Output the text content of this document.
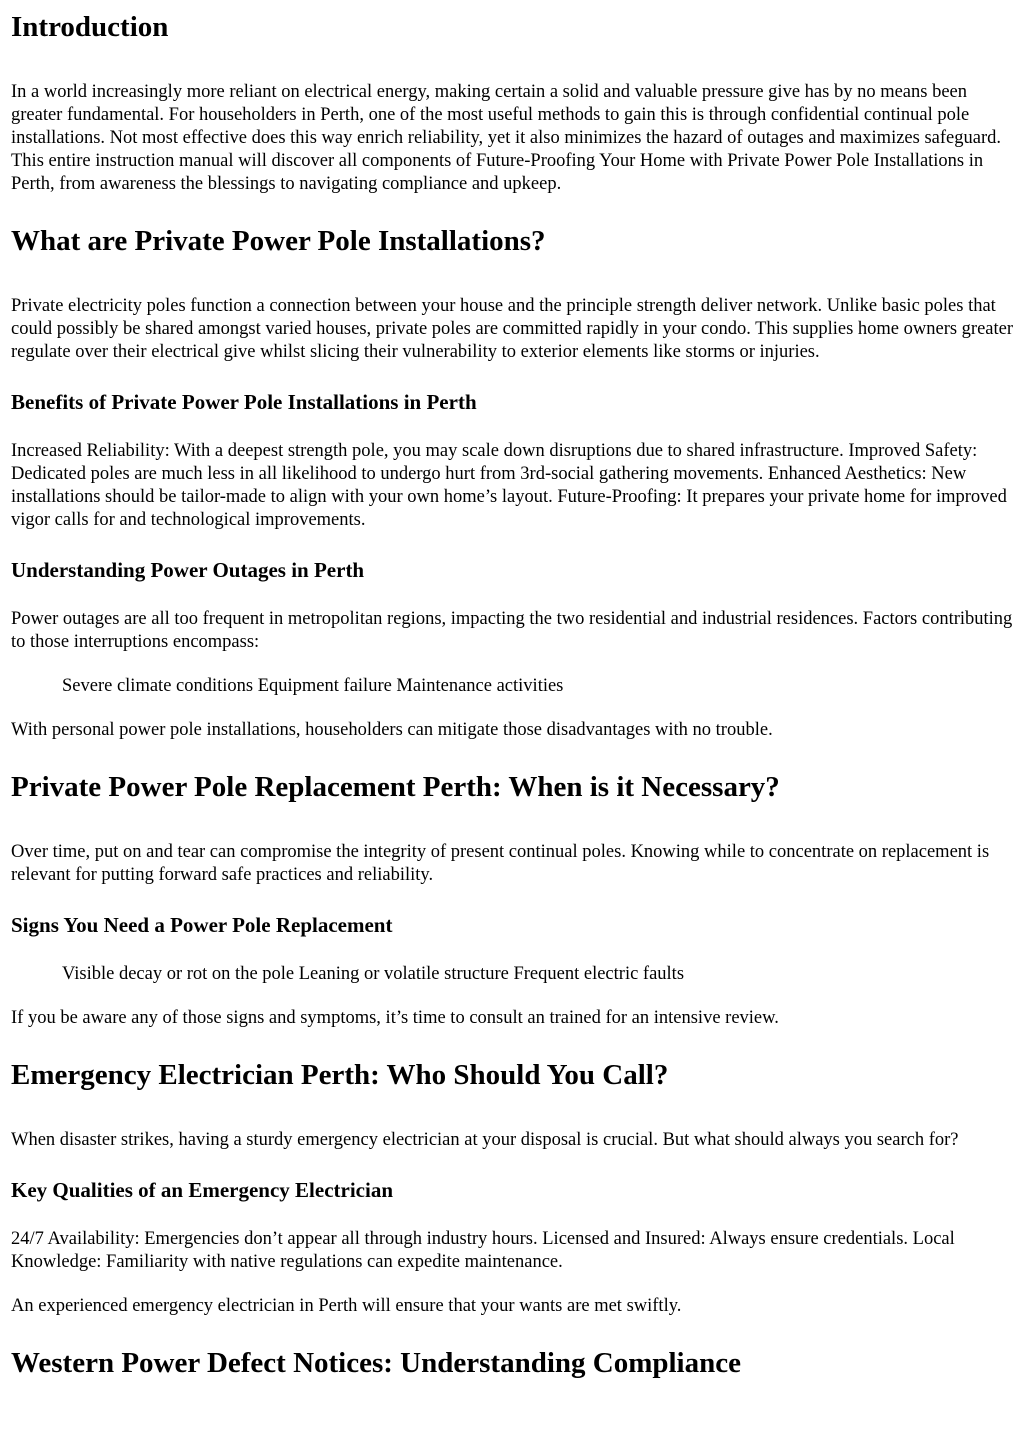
Introduction

In a world increasingly more reliant on electrical energy, making certain a solid and valuable pressure give has by no means been greater fundamental. For householders in Perth, one of the most useful methods to gain this is through confidential continual pole installations. Not most effective does this way enrich reliability, yet it also minimizes the hazard of outages and maximizes safeguard. This entire instruction manual will discover all components of Future-Proofing Your Home with Private Power Pole Installations in Perth, from awareness the blessings to navigating compliance and upkeep.

What are Private Power Pole Installations?

Private electricity poles function a connection between your house and the principle strength deliver network. Unlike basic poles that could possibly be shared amongst varied houses, private poles are committed rapidly in your condo. This supplies home owners greater regulate over their electrical give whilst slicing their vulnerability to exterior elements like storms or injuries.

Benefits of Private Power Pole Installations in Perth

Increased Reliability: With a deepest strength pole, you may scale down disruptions due to shared infrastructure. Improved Safety: Dedicated poles are much less in all likelihood to undergo hurt from 3rd-social gathering movements. Enhanced Aesthetics: New installations should be tailor-made to align with your own home’s layout. Future-Proofing: It prepares your private home for improved vigor calls for and technological improvements.

Understanding Power Outages in Perth

Power outages are all too frequent in metropolitan regions, impacting the two residential and industrial residences. Factors contributing to those interruptions encompass:

Severe climate conditions Equipment failure Maintenance activities

With personal power pole installations, householders can mitigate those disadvantages with no trouble.

Private Power Pole Replacement Perth: When is it Necessary?

Over time, put on and tear can compromise the integrity of present continual poles. Knowing while to concentrate on replacement is relevant for putting forward safe practices and reliability.

Signs You Need a Power Pole Replacement

Visible decay or rot on the pole Leaning or volatile structure Frequent electric faults

If you be aware any of those signs and symptoms, it’s time to consult an trained for an intensive review.

Emergency Electrician Perth: Who Should You Call?

When disaster strikes, having a sturdy emergency electrician at your disposal is crucial. But what should always you search for?

Key Qualities of an Emergency Electrician

24/7 Availability: Emergencies don’t appear all through industry hours. Licensed and Insured: Always ensure credentials. Local Knowledge: Familiarity with native regulations can expedite maintenance.

An experienced emergency electrician in Perth will ensure that your wants are met swiftly.

Western Power Defect Notices: Understanding Compliance
